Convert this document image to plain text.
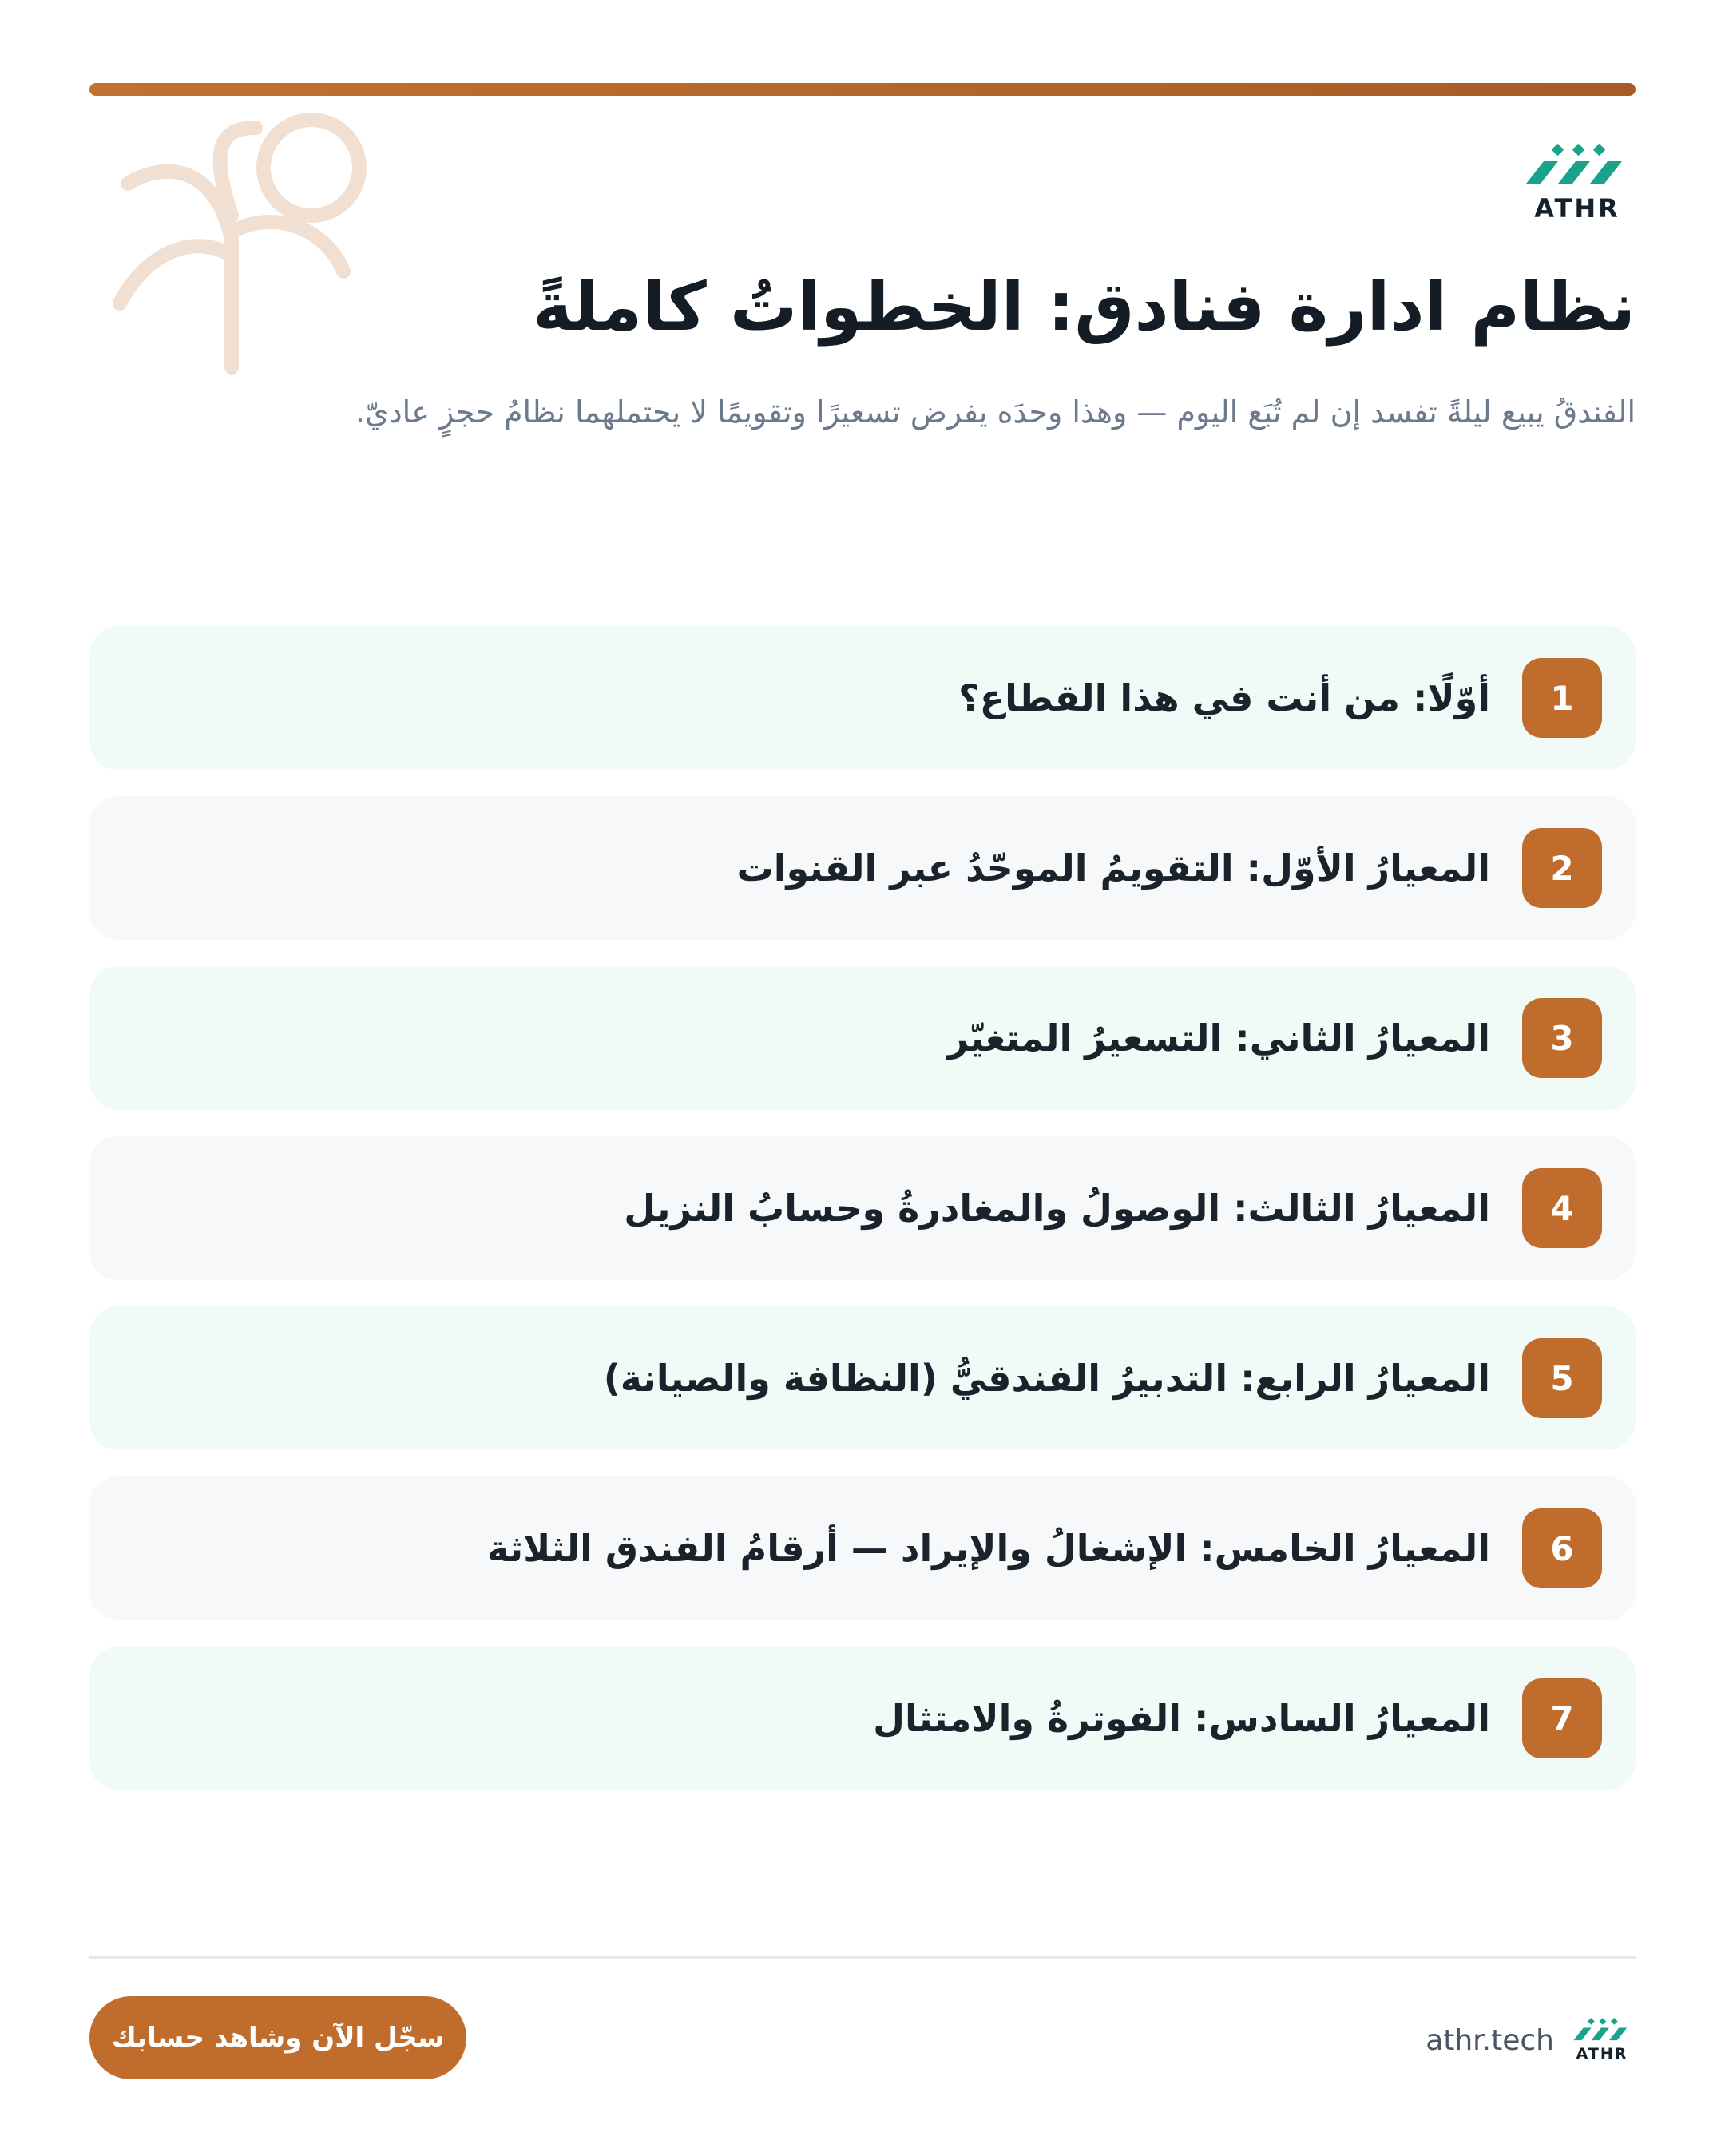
ATHR
نظام ادارة فنادق: الخطواتُ كاملةً

الفندقُ يبيع ليلةً تفسد إن لم تُبَع اليوم — وهذا وحدَه يفرض تسعيرًا وتقويمًا لا يحتملهما نظامُ حجزٍ عاديّ.

1
أوّلًا: من أنت في هذا القطاع؟
2
المعيارُ الأوّل: التقويمُ الموحّدُ عبر القنوات
3
المعيارُ الثاني: التسعيرُ المتغيّر
4
المعيارُ الثالث: الوصولُ والمغادرةُ وحسابُ النزيل
5
المعيارُ الرابع: التدبيرُ الفندقيُّ (النظافة والصيانة)
6
المعيارُ الخامس: الإشغالُ والإيراد — أرقامُ الفندق الثلاثة
7
المعيارُ السادس: الفوترةُ والامتثال
سجّل الآن وشاهد حسابك	ATHR
athr.tech
